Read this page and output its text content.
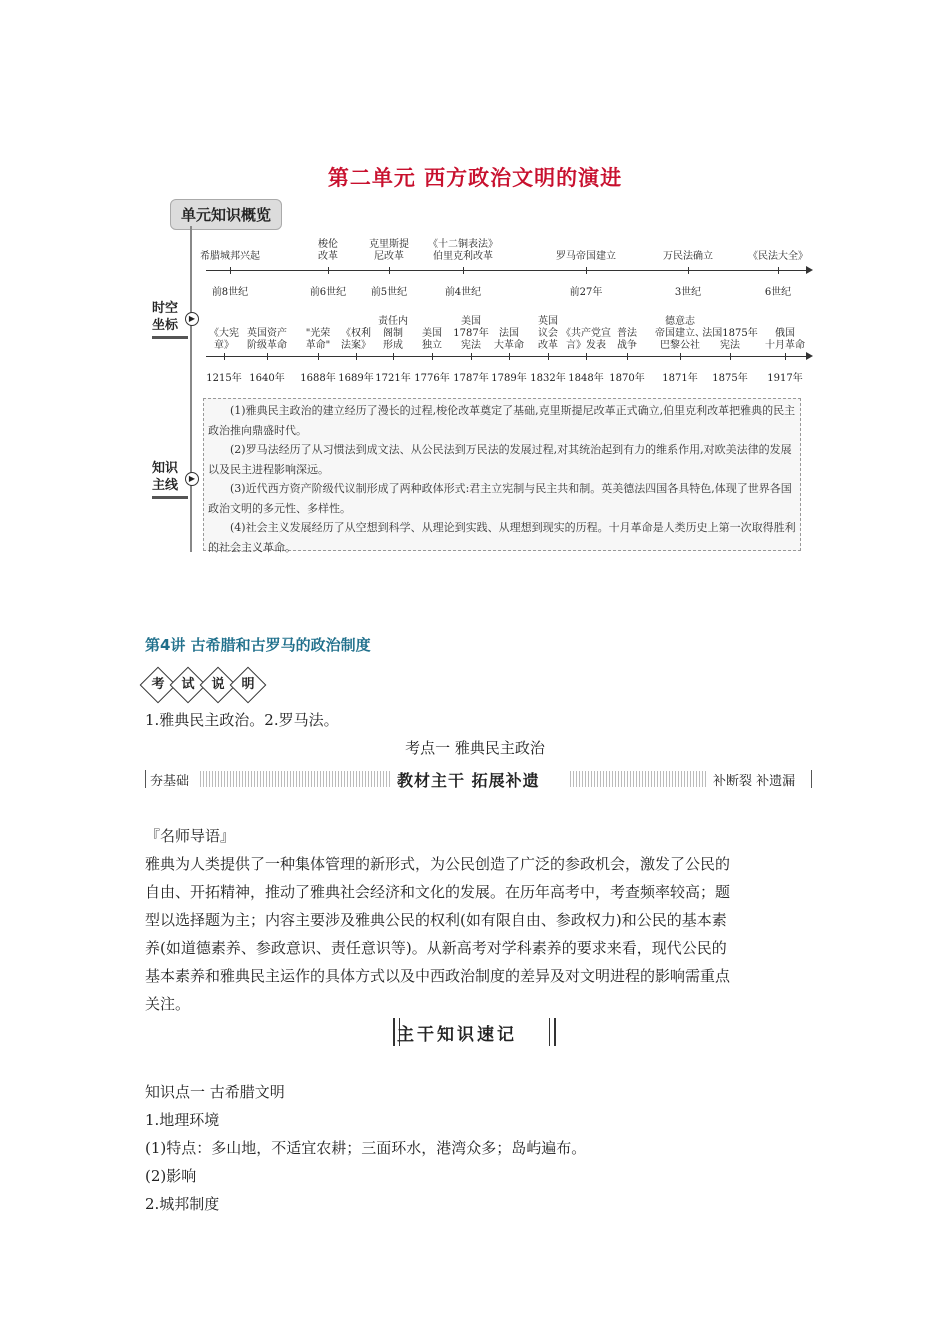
第二单元 西方政治文明的演进
单元知识概览
时空
坐标	▶
知识
主线	▶
希腊城邦兴起
前8世纪
梭伦
改革
前6世纪
克里斯提
尼改革
前5世纪
《十二铜表法》
伯里克利改革
前4世纪
罗马帝国建立
前27年
万民法确立
3世纪
《民法大全》
6世纪
《大宪
章》
1215年
英国资产
阶级革命
1640年
"光荣
革命"
1688年
《权利
法案》
1689年
责任内
阁制
形成
1721年
美国
独立
1776年
美国
1787年
宪法
1787年
法国
大革命
1789年
英国
议会
改革
1832年
《共产党宣
言》发表
1848年
普法
战争
1870年
德意志
帝国建立、
巴黎公社
1871年
法国1875年
宪法
1875年
俄国
十月革命
1917年

(1)雅典民主政治的建立经历了漫长的过程,梭伦改革奠定了基础,克里斯提尼改革正式确立,伯里克利改革把雅典的民主政治推向鼎盛时代。

(2)罗马法经历了从习惯法到成文法、从公民法到万民法的发展过程,对其统治起到有力的维系作用,对欧美法律的发展以及民主进程影响深远。

(3)近代西方资产阶级代议制形成了两种政体形式:君主立宪制与民主共和制。英美德法四国各具特色,体现了世界各国政治文明的多元性、多样性。

(4)社会主义发展经历了从空想到科学、从理论到实践、从理想到现实的历程。十月革命是人类历史上第一次取得胜利的社会主义革命。

第4讲 古希腊和古罗马的政治制度
考	试	说	明
1.雅典民主政治。2.罗马法。
考点一 雅典民主政治
夯基础	教材主干 拓展补遗	补断裂 补遗漏
『名师导语』
雅典为人类提供了一种集体管理的新形式，为公民创造了广泛的参政机会，激发了公民的
自由、开拓精神，推动了雅典社会经济和文化的发展。在历年高考中，考查频率较高；题
型以选择题为主；内容主要涉及雅典公民的权利(如有限自由、参政权力)和公民的基本素
养(如道德素养、参政意识、责任意识等)。从新高考对学科素养的要求来看，现代公民的
基本素养和雅典民主运作的具体方式以及中西政治制度的差异及对文明进程的影响需重点
关注。
主干知识速记
知识点一 古希腊文明
1.地理环境
(1)特点：多山地，不适宜农耕；三面环水，港湾众多；岛屿遍布。
(2)影响
2.城邦制度
